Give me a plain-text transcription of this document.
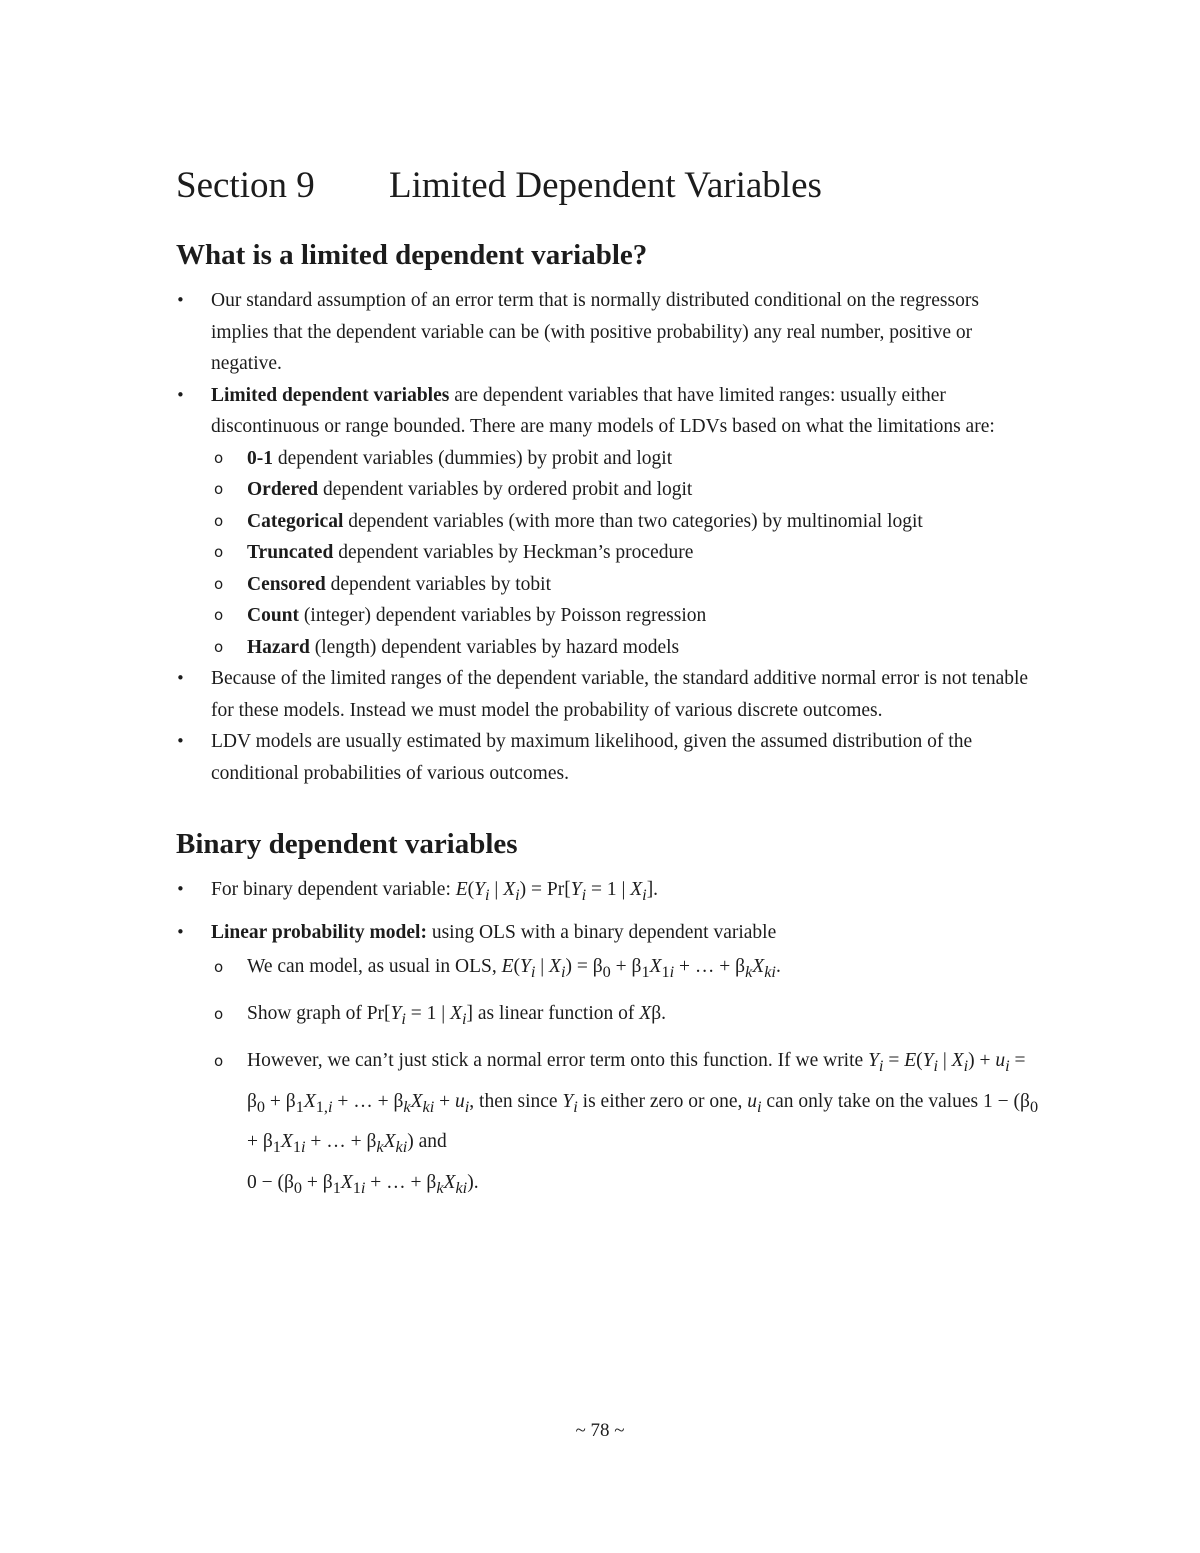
Section 9 Limited Dependent Variables
What is a limited dependent variable?
• Our standard assumption of an error term that is normally distributed conditional on the regressors implies that the dependent variable can be (with positive probability) any real number, positive or negative.
• Limited dependent variables are dependent variables that have limited ranges: usually either discontinuous or range bounded. There are many models of LDVs based on what the limitations are:
o 0-1 dependent variables (dummies) by probit and logit
o Ordered dependent variables by ordered probit and logit
o Categorical dependent variables (with more than two categories) by multinomial logit
o Truncated dependent variables by Heckman’s procedure
o Censored dependent variables by tobit
o Count (integer) dependent variables by Poisson regression
o Hazard (length) dependent variables by hazard models
• Because of the limited ranges of the dependent variable, the standard additive normal error is not tenable for these models. Instead we must model the probability of various discrete outcomes.
• LDV models are usually estimated by maximum likelihood, given the assumed distribution of the conditional probabilities of various outcomes.
Binary dependent variables
• For binary dependent variable: $E(Y_i$ | $X_i) = Pr[Y_i = 1$ | $X_i$].
• Linear probability model: using OLS with a binary dependent variable
o We can model, as usual in OLS, $E(Y_i$ | $X_i) = \beta_0 + \beta_1X_{1i}$ + … + $\beta_kX_{ki}$.
o Show graph of $Pr[Y_i = 1$ | $X_i$] as linear function of Xβ.
o However, we can’t just stick a normal error term onto this function. If we write $Y_i = E(Y_i$ | $X_i) + u_i = \beta_0 + \beta_1X_{1,i}$ + … + $\beta_kX_{ki} + u_i$, then since $Y_i$ is either zero or one, $u_i$ can only take on the values $1 - (\beta_0 + \beta_1X_{1i}$ + … + $\beta_kX_{ki}$) and
$0 - (\beta_0 + \beta_1X_{1i}$ + … + $\beta_kX_{ki}$).
~ 78 ~
